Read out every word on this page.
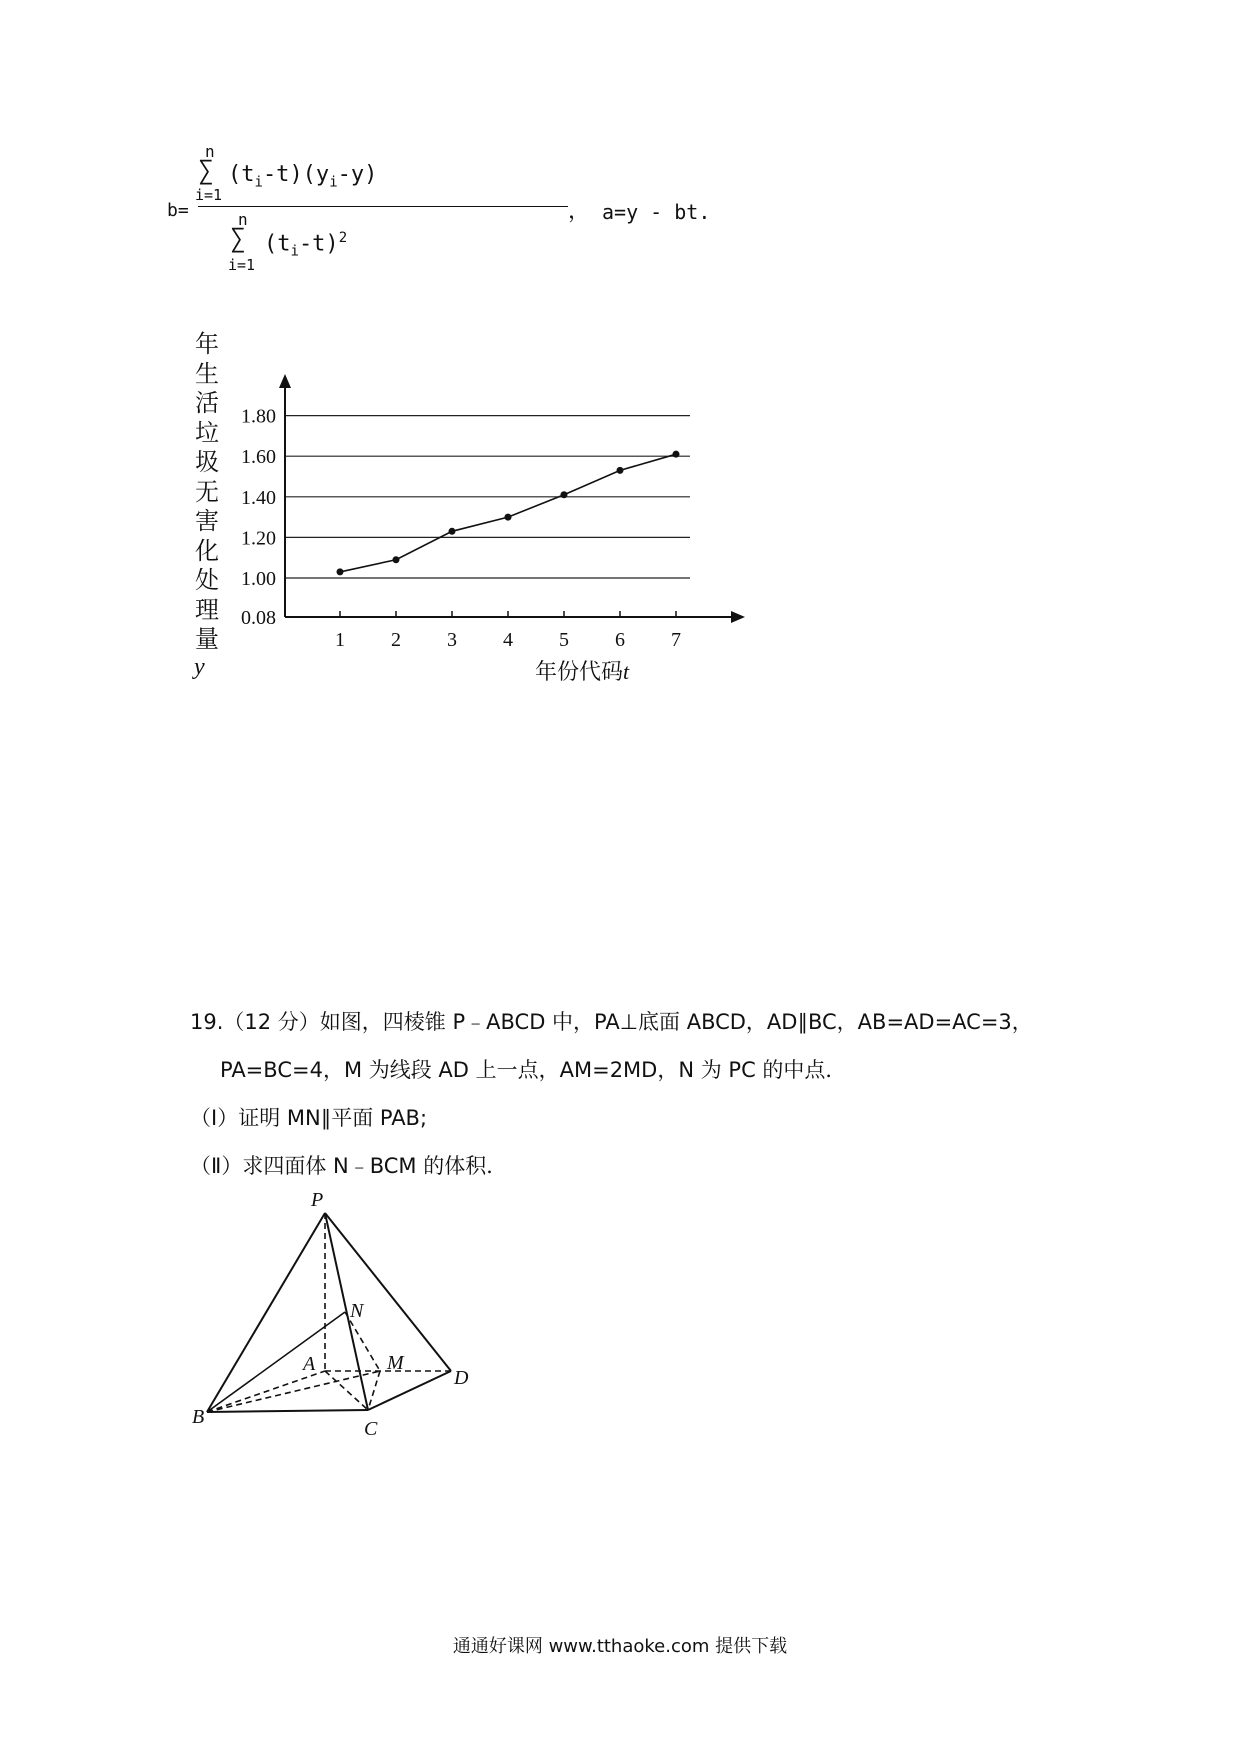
n
∑ $(t_i-t)(y_i-y)$
i=1
b=	n
∑ $(t_i-t)^2$
i=1
， a=y - bt.
年
生
活
垃
圾
无
害
化
处
理
量
y
0.08
1.00
1.20
1.40
1.60
1.80
1 2 3 4 5 6 7
年份代码t
19.（12 分）如图，四棱锥 P﹣ABCD 中，PA⊥底面 ABCD，AD∥BC，AB=AD=AC=3，
PA=BC=4，M 为线段 AD 上一点，AM=2MD，N 为 PC 的中点．
（Ⅰ）证明 MN∥平面 PAB;
（Ⅱ）求四面体 N﹣BCM 的体积．
P
A
B
C
D
M
N
通通好课网 www.tthaoke.com 提供下载
